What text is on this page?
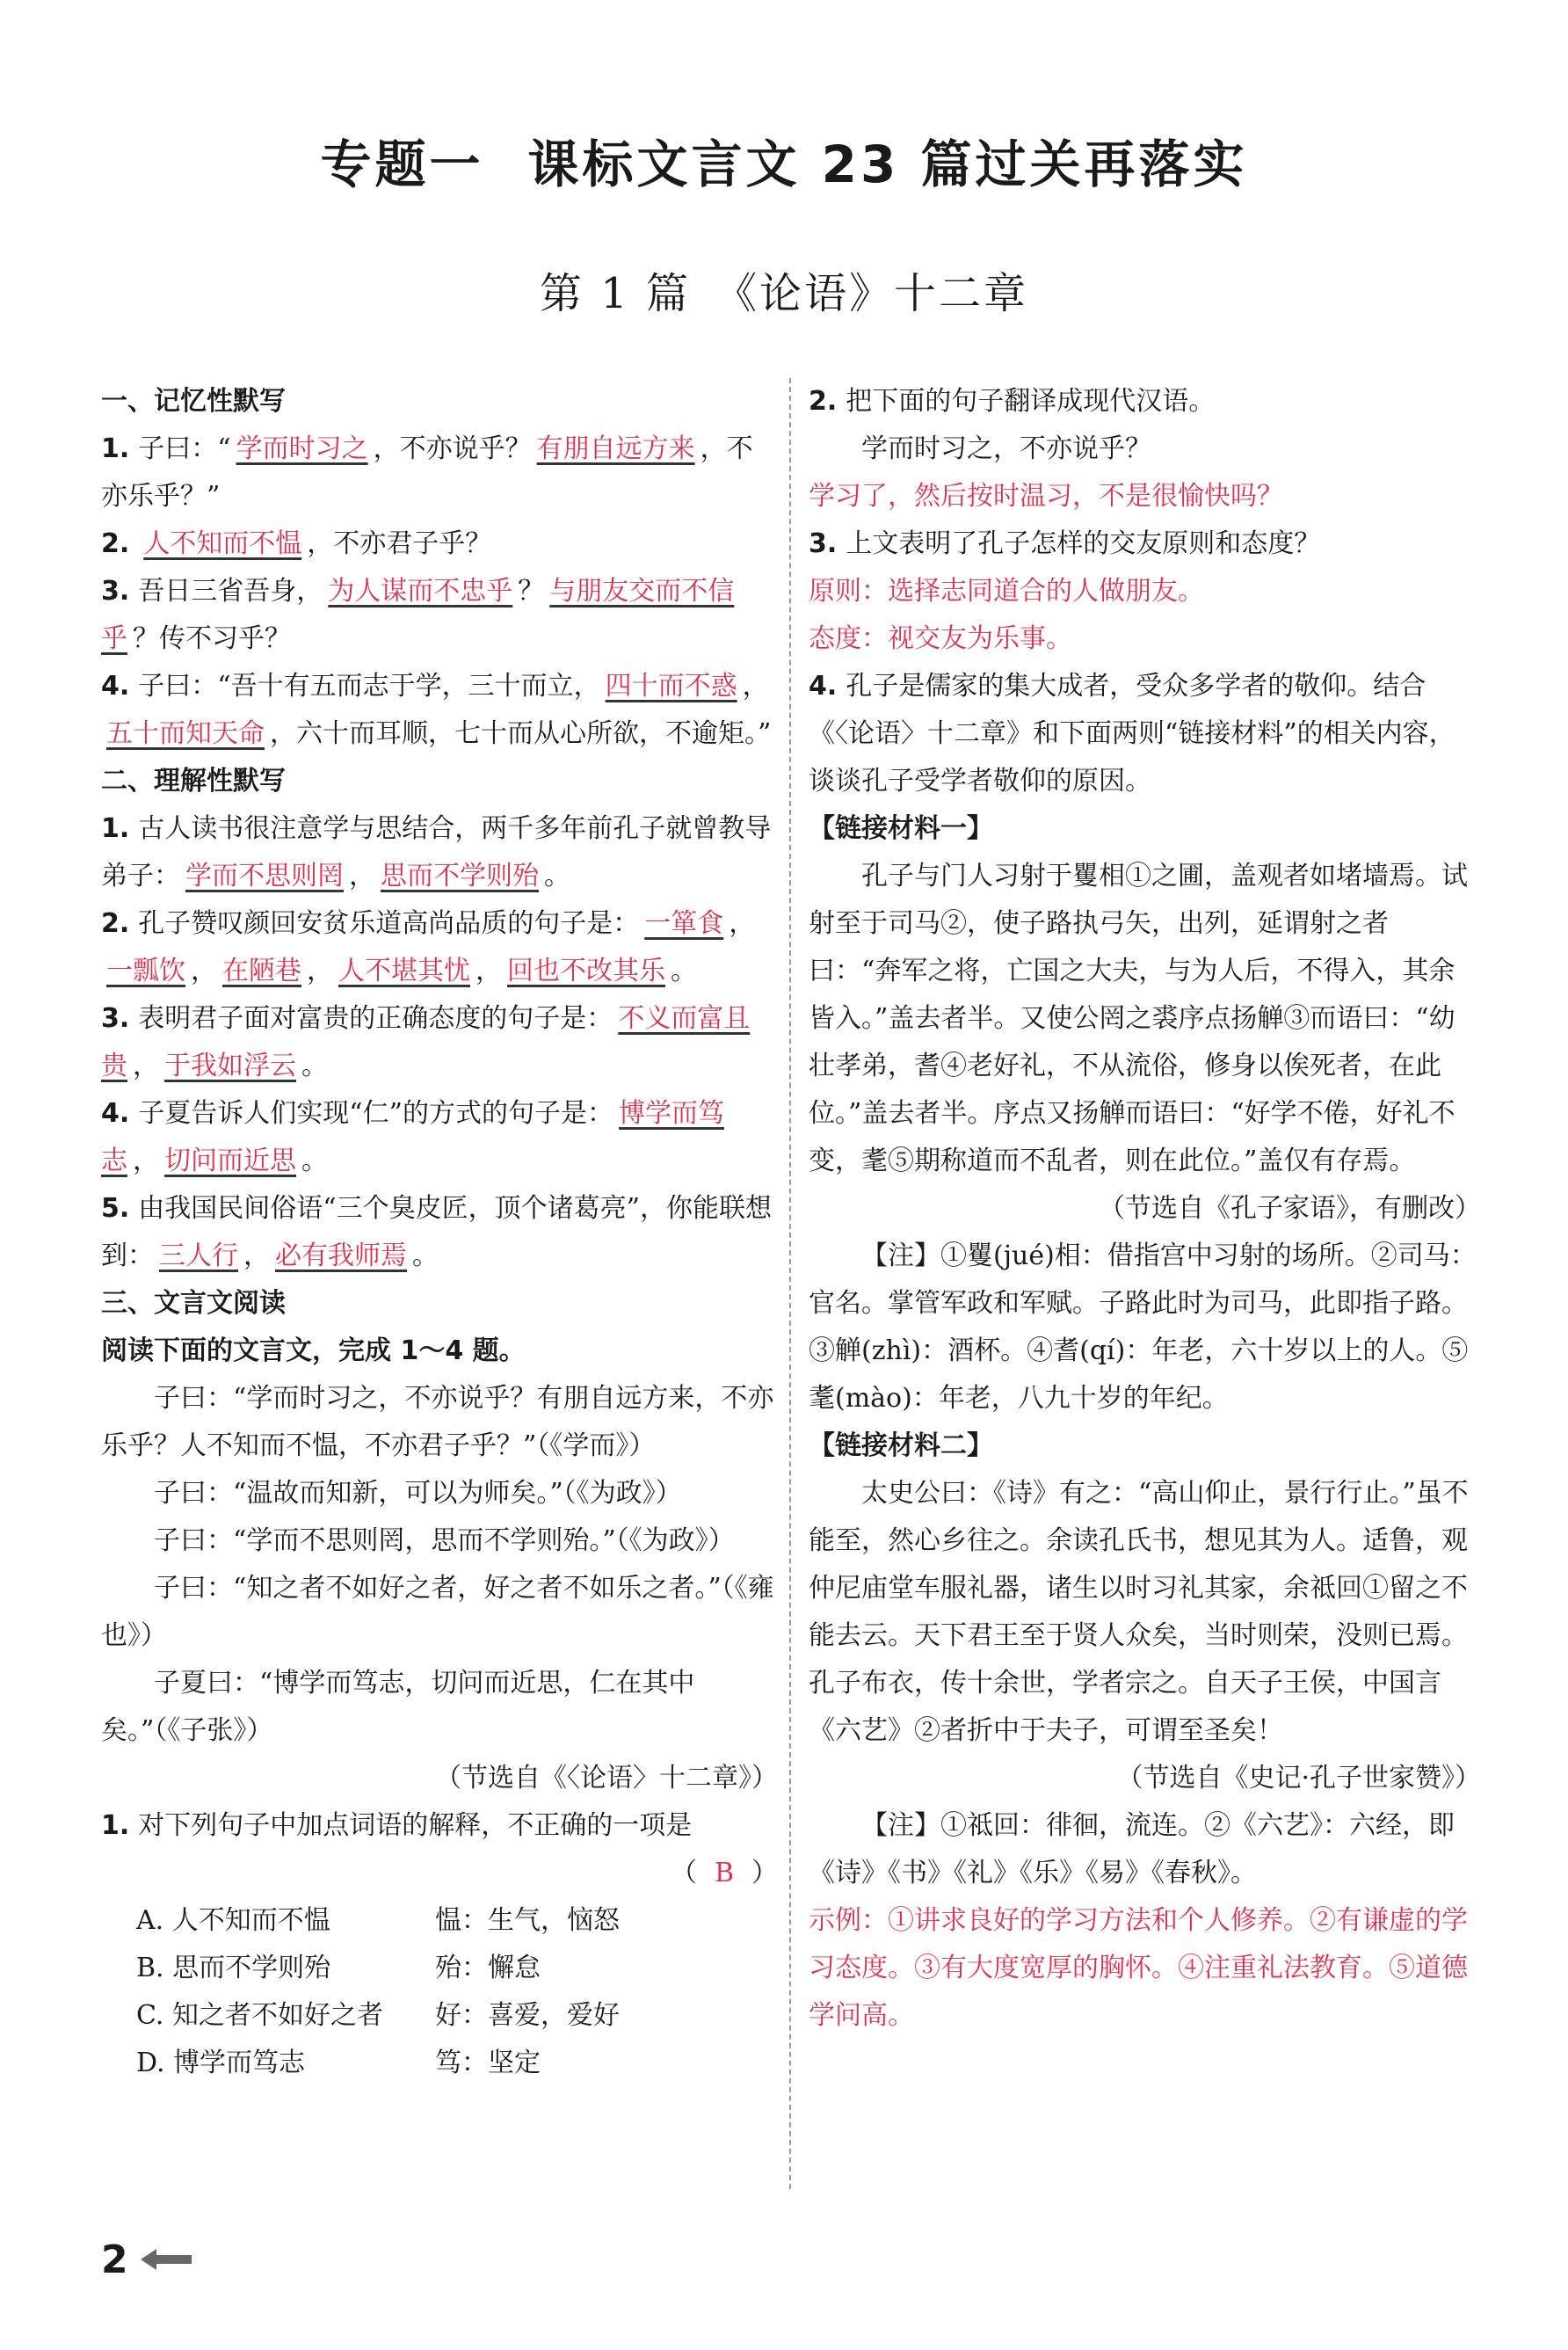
专题一 课标文言文 23 篇过关再落实
第 1 篇　《论语》十二章
一、记忆性默写

1. 子曰：“ 学而时习之 ，不亦说乎？ 有朋自远方来 ，不亦乐乎？”

2. 人不知而不愠 ，不亦君子乎？

3. 吾日三省吾身， 为人谋而不忠乎 ？ 与朋友交而不信乎 ？传不习乎？

4. 子曰：“吾十有五而志于学，三十而立， 四十而不惑 ，五十而知天命 ，六十而耳顺，七十而从心所欲，不逾矩。”

二、理解性默写

1. 古人读书很注意学与思结合，两千多年前孔子就曾教导弟子： 学而不思则罔 ， 思而不学则殆 。

2. 孔子赞叹颜回安贫乐道高尚品质的句子是： 一箪食 ，一瓢饮 ， 在陋巷 ， 人不堪其忧 ， 回也不改其乐 。

3. 表明君子面对富贵的正确态度的句子是： 不义而富且贵 ， 于我如浮云 。

4. 子夏告诉人们实现“仁”的方式的句子是： 博学而笃志 ， 切问而近思 。

5. 由我国民间俗语“三个臭皮匠，顶个诸葛亮”，你能联想到： 三人行 ， 必有我师焉 。

三、文言文阅读
阅读下面的文言文，完成 1～4 题。
子曰：“学而时习之，不亦说乎？有朋自远方来，不亦乐乎？人不知而不愠，不亦君子乎？”（《学而》）
子曰：“温故而知新，可以为师矣。”（《为政》）
子曰：“学而不思则罔，思而不学则殆。”（《为政》）
子曰：“知之者不如好之者，好之者不如乐之者。”（《雍也》）
子夏曰：“博学而笃志，切问而近思，仁在其中矣。”（《子张》）
（节选自《〈论语〉十二章》）

1. 对下列句子中加点词语的解释，不正确的一项是

（ B ）
A. 人不知而不愠	愠：生气，恼怒
B. 思而不学则殆	殆：懈怠
C. 知之者不如好之者	好：喜爱，爱好
D. 博学而笃志	笃：坚定

2. 把下面的句子翻译成现代汉语。

学而时习之，不亦说乎？
学习了，然后按时温习，不是很愉快吗？

3. 上文表明了孔子怎样的交友原则和态度？

原则：选择志同道合的人做朋友。
态度：视交友为乐事。

4. 孔子是儒家的集大成者，受众多学者的敬仰。结合《〈论语〉十二章》和下面两则“链接材料”的相关内容，谈谈孔子受学者敬仰的原因。

【链接材料一】
孔子与门人习射于矍相①之圃，盖观者如堵墙焉。试射至于司马②，使子路执弓矢，出列，延谓射之者曰：“奔军之将，亡国之大夫，与为人后，不得入，其余皆入。”盖去者半。又使公罔之裘序点扬觯③而语曰：“幼壮孝弟，耆④老好礼，不从流俗，修身以俟死者，在此位。”盖去者半。序点又扬觯而语曰：“好学不倦，好礼不变，耄⑤期称道而不乱者，则在此位。”盖仅有存焉。
（节选自《孔子家语》，有删改）
【注】①矍(jué)相：借指宫中习射的场所。②司马：官名。掌管军政和军赋。子路此时为司马，此即指子路。③觯(zhì)：酒杯。④耆(qí)：年老，六十岁以上的人。⑤耄(mào)：年老，八九十岁的年纪。
【链接材料二】
太史公曰：《诗》有之：“高山仰止，景行行止。”虽不能至，然心乡往之。余读孔氏书，想见其为人。适鲁，观仲尼庙堂车服礼器，诸生以时习礼其家，余祗回①留之不能去云。天下君王至于贤人众矣，当时则荣，没则已焉。孔子布衣，传十余世，学者宗之。自天子王侯，中国言《六艺》②者折中于夫子，可谓至圣矣！
（节选自《史记·孔子世家赞》）
【注】①祗回：徘徊，流连。②《六艺》：六经，即《诗》《书》《礼》《乐》《易》《春秋》。
示例：①讲求良好的学习方法和个人修养。②有谦虚的学习态度。③有大度宽厚的胸怀。④注重礼法教育。⑤道德学问高。
2
